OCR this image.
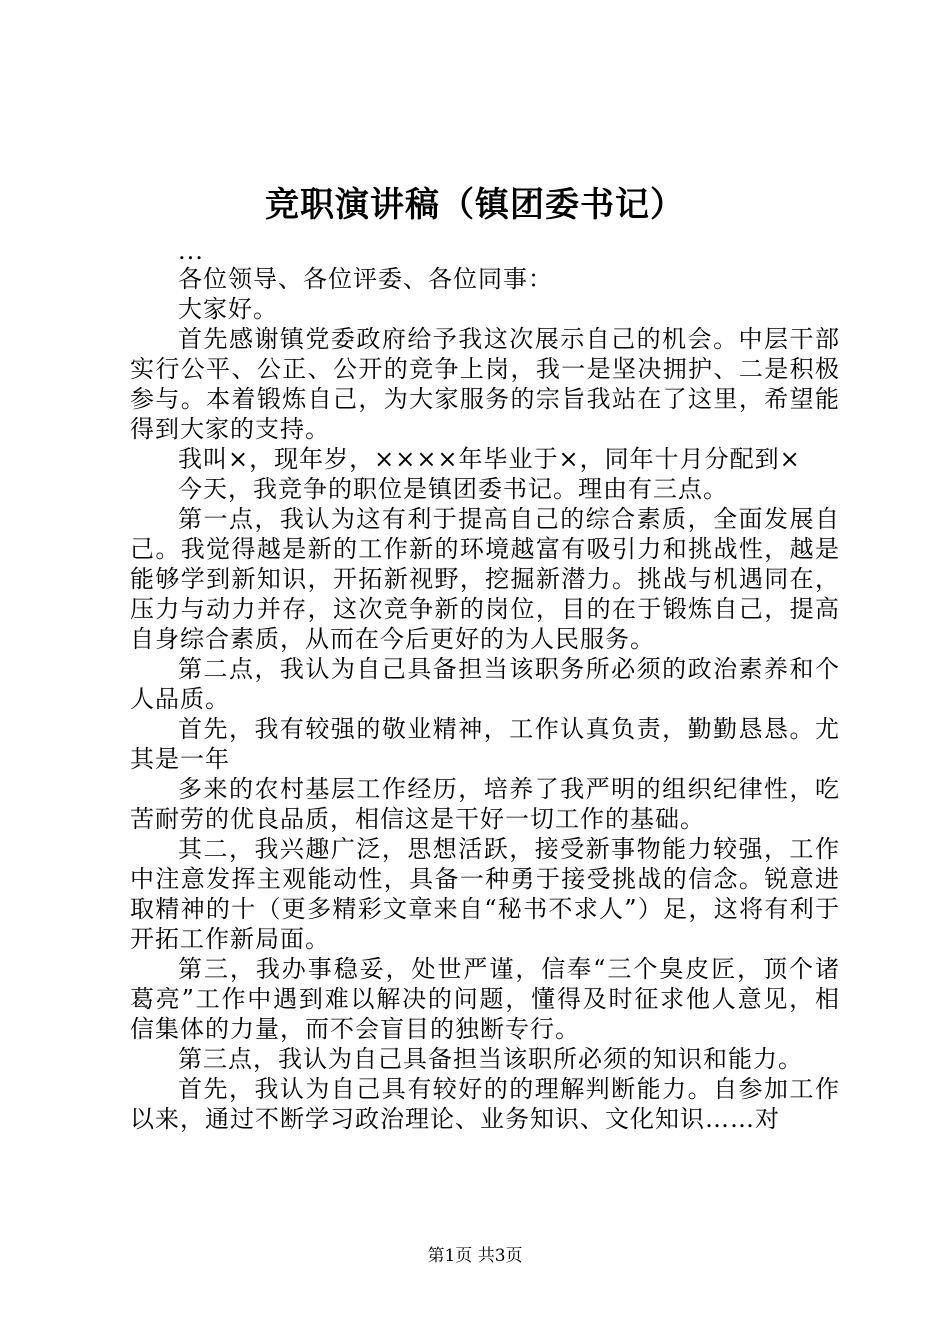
竞职演讲稿（镇团委书记）

...

各位领导、各位评委、各位同事：

大家好。

首先感谢镇党委政府给予我这次展示自己的机会。中层干部实行公平、公正、公开的竞争上岗，我一是坚决拥护、二是积极参与。本着锻炼自己，为大家服务的宗旨我站在了这里，希望能得到大家的支持。

我叫×，现年岁，××××年毕业于×，同年十月分配到×

今天，我竞争的职位是镇团委书记。理由有三点。

第一点，我认为这有利于提高自己的综合素质，全面发展自己。我觉得越是新的工作新的环境越富有吸引力和挑战性，越是能够学到新知识，开拓新视野，挖掘新潜力。挑战与机遇同在，压力与动力并存，这次竞争新的岗位，目的在于锻炼自己，提高自身综合素质，从而在今后更好的为人民服务。

第二点，我认为自己具备担当该职务所必须的政治素养和个人品质。

首先，我有较强的敬业精神，工作认真负责，勤勤恳恳。尤其是一年

多来的农村基层工作经历，培养了我严明的组织纪律性，吃苦耐劳的优良品质，相信这是干好一切工作的基础。

其二，我兴趣广泛，思想活跃，接受新事物能力较强，工作中注意发挥主观能动性，具备一种勇于接受挑战的信念。锐意进取精神的十（更多精彩文章来自“秘书不求人”）足，这将有利于开拓工作新局面。

第三，我办事稳妥，处世严谨，信奉“三个臭皮匠，顶个诸葛亮”工作中遇到难以解决的问题，懂得及时征求他人意见，相信集体的力量，而不会盲目的独断专行。

第三点，我认为自己具备担当该职所必须的知识和能力。

首先，我认为自己具有较好的的理解判断能力。自参加工作以来，通过不断学习政治理论、业务知识、文化知识……对

第1页 共3页
